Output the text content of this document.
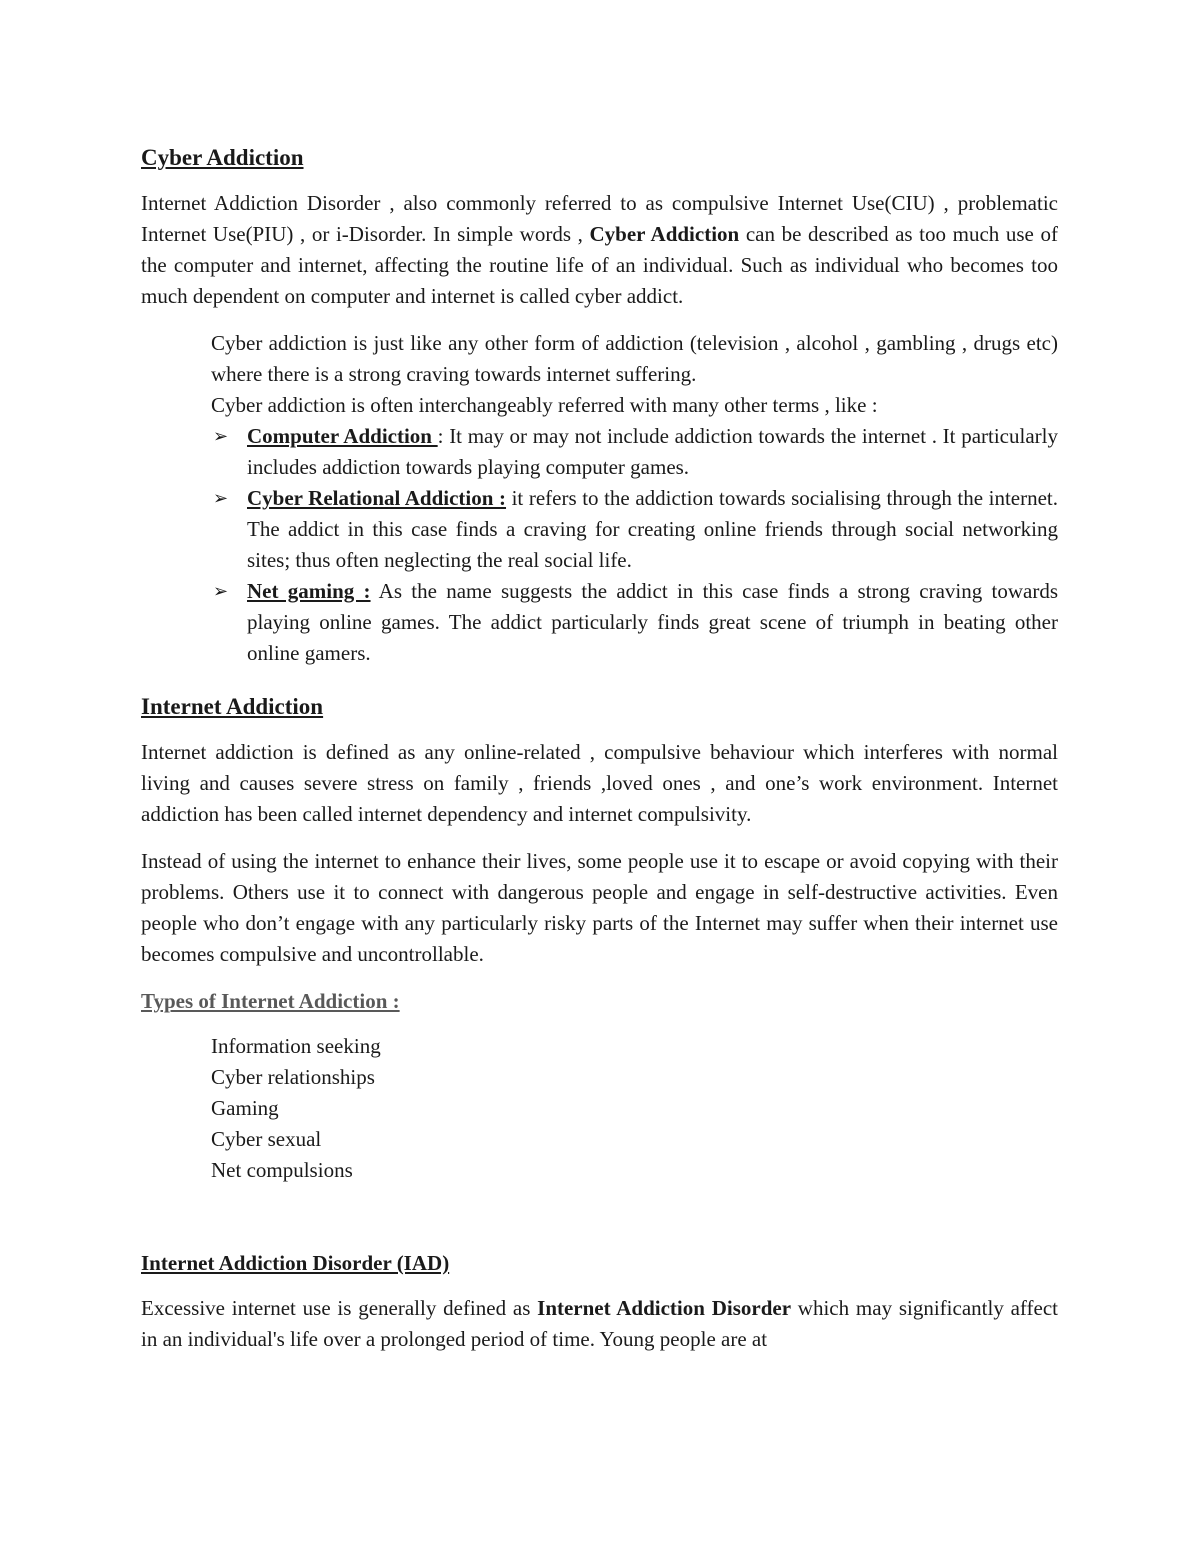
Cyber Addiction

Internet Addiction Disorder , also commonly referred to as compulsive Internet Use(CIU) , problematic Internet Use(PIU) , or i-Disorder. In simple words , Cyber Addiction can be described as too much use of the computer and internet, affecting the routine life of an individual. Such as individual who becomes too much dependent on computer and internet is called cyber addict.

Cyber addiction is just like any other form of addiction (television , alcohol , gambling , drugs etc) where there is a strong craving towards internet suffering.
Cyber addiction is often interchangeably referred with many other terms , like :
➢ Computer Addiction : It may or may not include addiction towards the internet . It particularly includes addiction towards playing computer games.
➢ Cyber Relational Addiction : it refers to the addiction towards socialising through the internet. The addict in this case finds a craving for creating online friends through social networking sites; thus often neglecting the real social life.
➢ Net gaming : As the name suggests the addict in this case finds a strong craving towards playing online games. The addict particularly finds great scene of triumph in beating other online gamers.
Internet Addiction

Internet addiction is defined as any online-related , compulsive behaviour which interferes with normal living and causes severe stress on family , friends ,loved ones , and one’s work environment. Internet addiction has been called internet dependency and internet compulsivity.

Instead of using the internet to enhance their lives, some people use it to escape or avoid copying with their problems. Others use it to connect with dangerous people and engage in self-destructive activities. Even people who don’t engage with any particularly risky parts of the Internet may suffer when their internet use becomes compulsive and uncontrollable.

Types of Internet Addiction :
Information seeking
Cyber relationships
Gaming
Cyber sexual
Net compulsions
Internet Addiction Disorder (IAD)

Excessive internet use is generally defined as Internet Addiction Disorder which may significantly affect in an individual's life over a prolonged period of time. Young people are at
